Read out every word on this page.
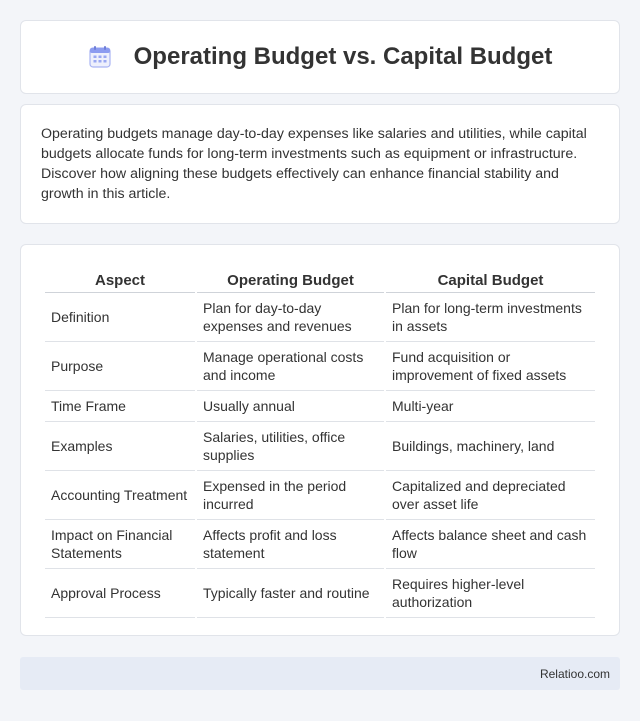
Operating Budget vs. Capital Budget

Operating budgets manage day-to-day expenses like salaries and utilities, while capital budgets allocate funds for long-term investments such as equipment or infrastructure. Discover how aligning these budgets effectively can enhance financial stability and growth in this article.

Aspect	Operating Budget	Capital Budget
Definition	Plan for day-to-day expenses and revenues	Plan for long-term investments in assets
Purpose	Manage operational costs and income	Fund acquisition or improvement of fixed assets
Time Frame	Usually annual	Multi-year
Examples	Salaries, utilities, office supplies	Buildings, machinery, land
Accounting Treatment	Expensed in the period incurred	Capitalized and depreciated over asset life
Impact on Financial Statements	Affects profit and loss statement	Affects balance sheet and cash flow
Approval Process	Typically faster and routine	Requires higher-level authorization
Relatioo.com
